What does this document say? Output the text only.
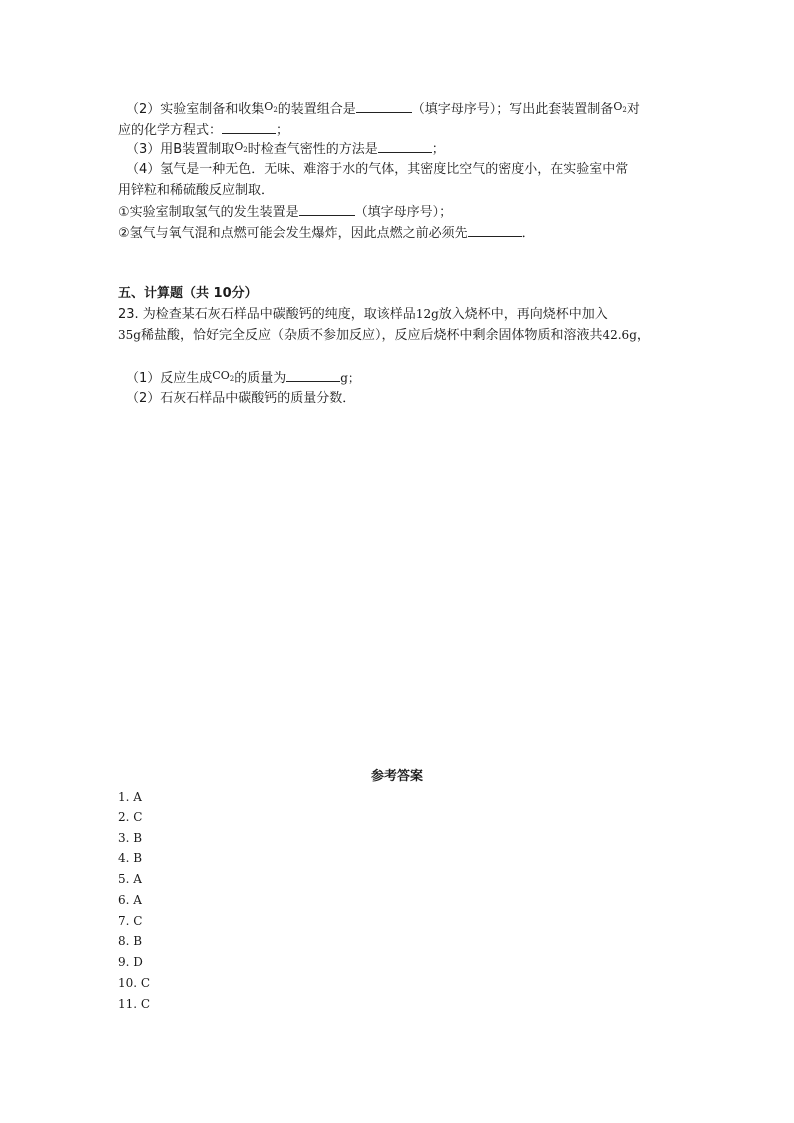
（2）实验室制备和收集$^{O_2}$的装置组合是	（填字母序号）；写出此套装置制备$^{O_2}$对
应的化学方程式：	；
（3）用B装置制取$^{O_2}$时检查气密性的方法是	；
（4）氢气是一种无色．无味、难溶于水的气体，其密度比空气的密度小，在实验室中常
用锌粒和稀硫酸反应制取．
①实验室制取氢气的发生装置是	（填字母序号）；
②氢气与氧气混和点燃可能会发生爆炸，因此点燃之前必须先	．
五、计算题（共 10分）
23. 为检查某石灰石样品中碳酸钙的纯度，取该样品12g放入烧杯中，再向烧杯中加入
35g稀盐酸，恰好完全反应（杂质不参加反应），反应后烧杯中剩余固体物质和溶液共42.6g，
（1）反应生成$^{CO_2}$的质量为	g；
（2）石灰石样品中碳酸钙的质量分数．
参考答案
1. A
2. C
3. B
4. B
5. A
6. A
7. C
8. B
9. D
10. C
11. C
